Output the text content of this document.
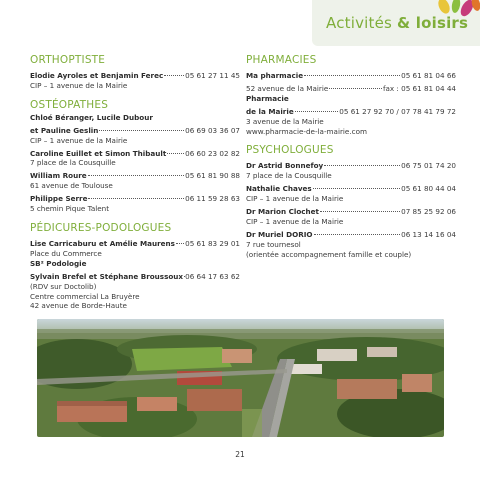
Activités & loisirs
ORTHOPTISTE
Elodie Ayroles et Benjamin Ferec	05 61 27 11 45
CIP – 1 avenue de la Mairie
OSTÉOPATHES
Chloé Béranger, Lucile Dubour
et Pauline Geslin	06 69 03 36 07
CIP – 1 avenue de la Mairie
Caroline Euillet et Simon Thibault	06 60 23 02 82
7 place de la Cousquille
William Roure	05 61 81 90 88
61 avenue de Toulouse
Philippe Serre	06 11 59 28 63
5 chemin Pique Talent
PÉDICURES-PODOLOGUES
Lise Carricaburu et Amélie Maurens 05 61 83 29 01
Place du Commerce
SB² Podologie
Sylvain Brefel et Stéphane Broussoux 06 64 17 63 62
(RDV sur Doctolib)
Centre commercial La Bruyère
42 avenue de Borde-Haute
PHARMACIES
Ma pharmacie	05 61 81 04 66
52 avenue de la Mairie	fax : 05 61 81 04 44
Pharmacie
de la Mairie	05 61 27 92 70 / 07 78 41 79 72
3 avenue de la Mairie
www.pharmacie-de-la-mairie.com
PSYCHOLOGUES
Dr Astrid Bonnefoy	06 75 01 74 20
7 place de la Cousquille
Nathalie Chaves	05 61 80 44 04
CIP – 1 avenue de la Mairie
Dr Marion Clochet	07 85 25 92 06
CIP – 1 avenue de la Mairie
Dr Muriel DORIO	06 13 14 16 04
7 rue tournesol
(orientée accompagnement famille et couple)
21
